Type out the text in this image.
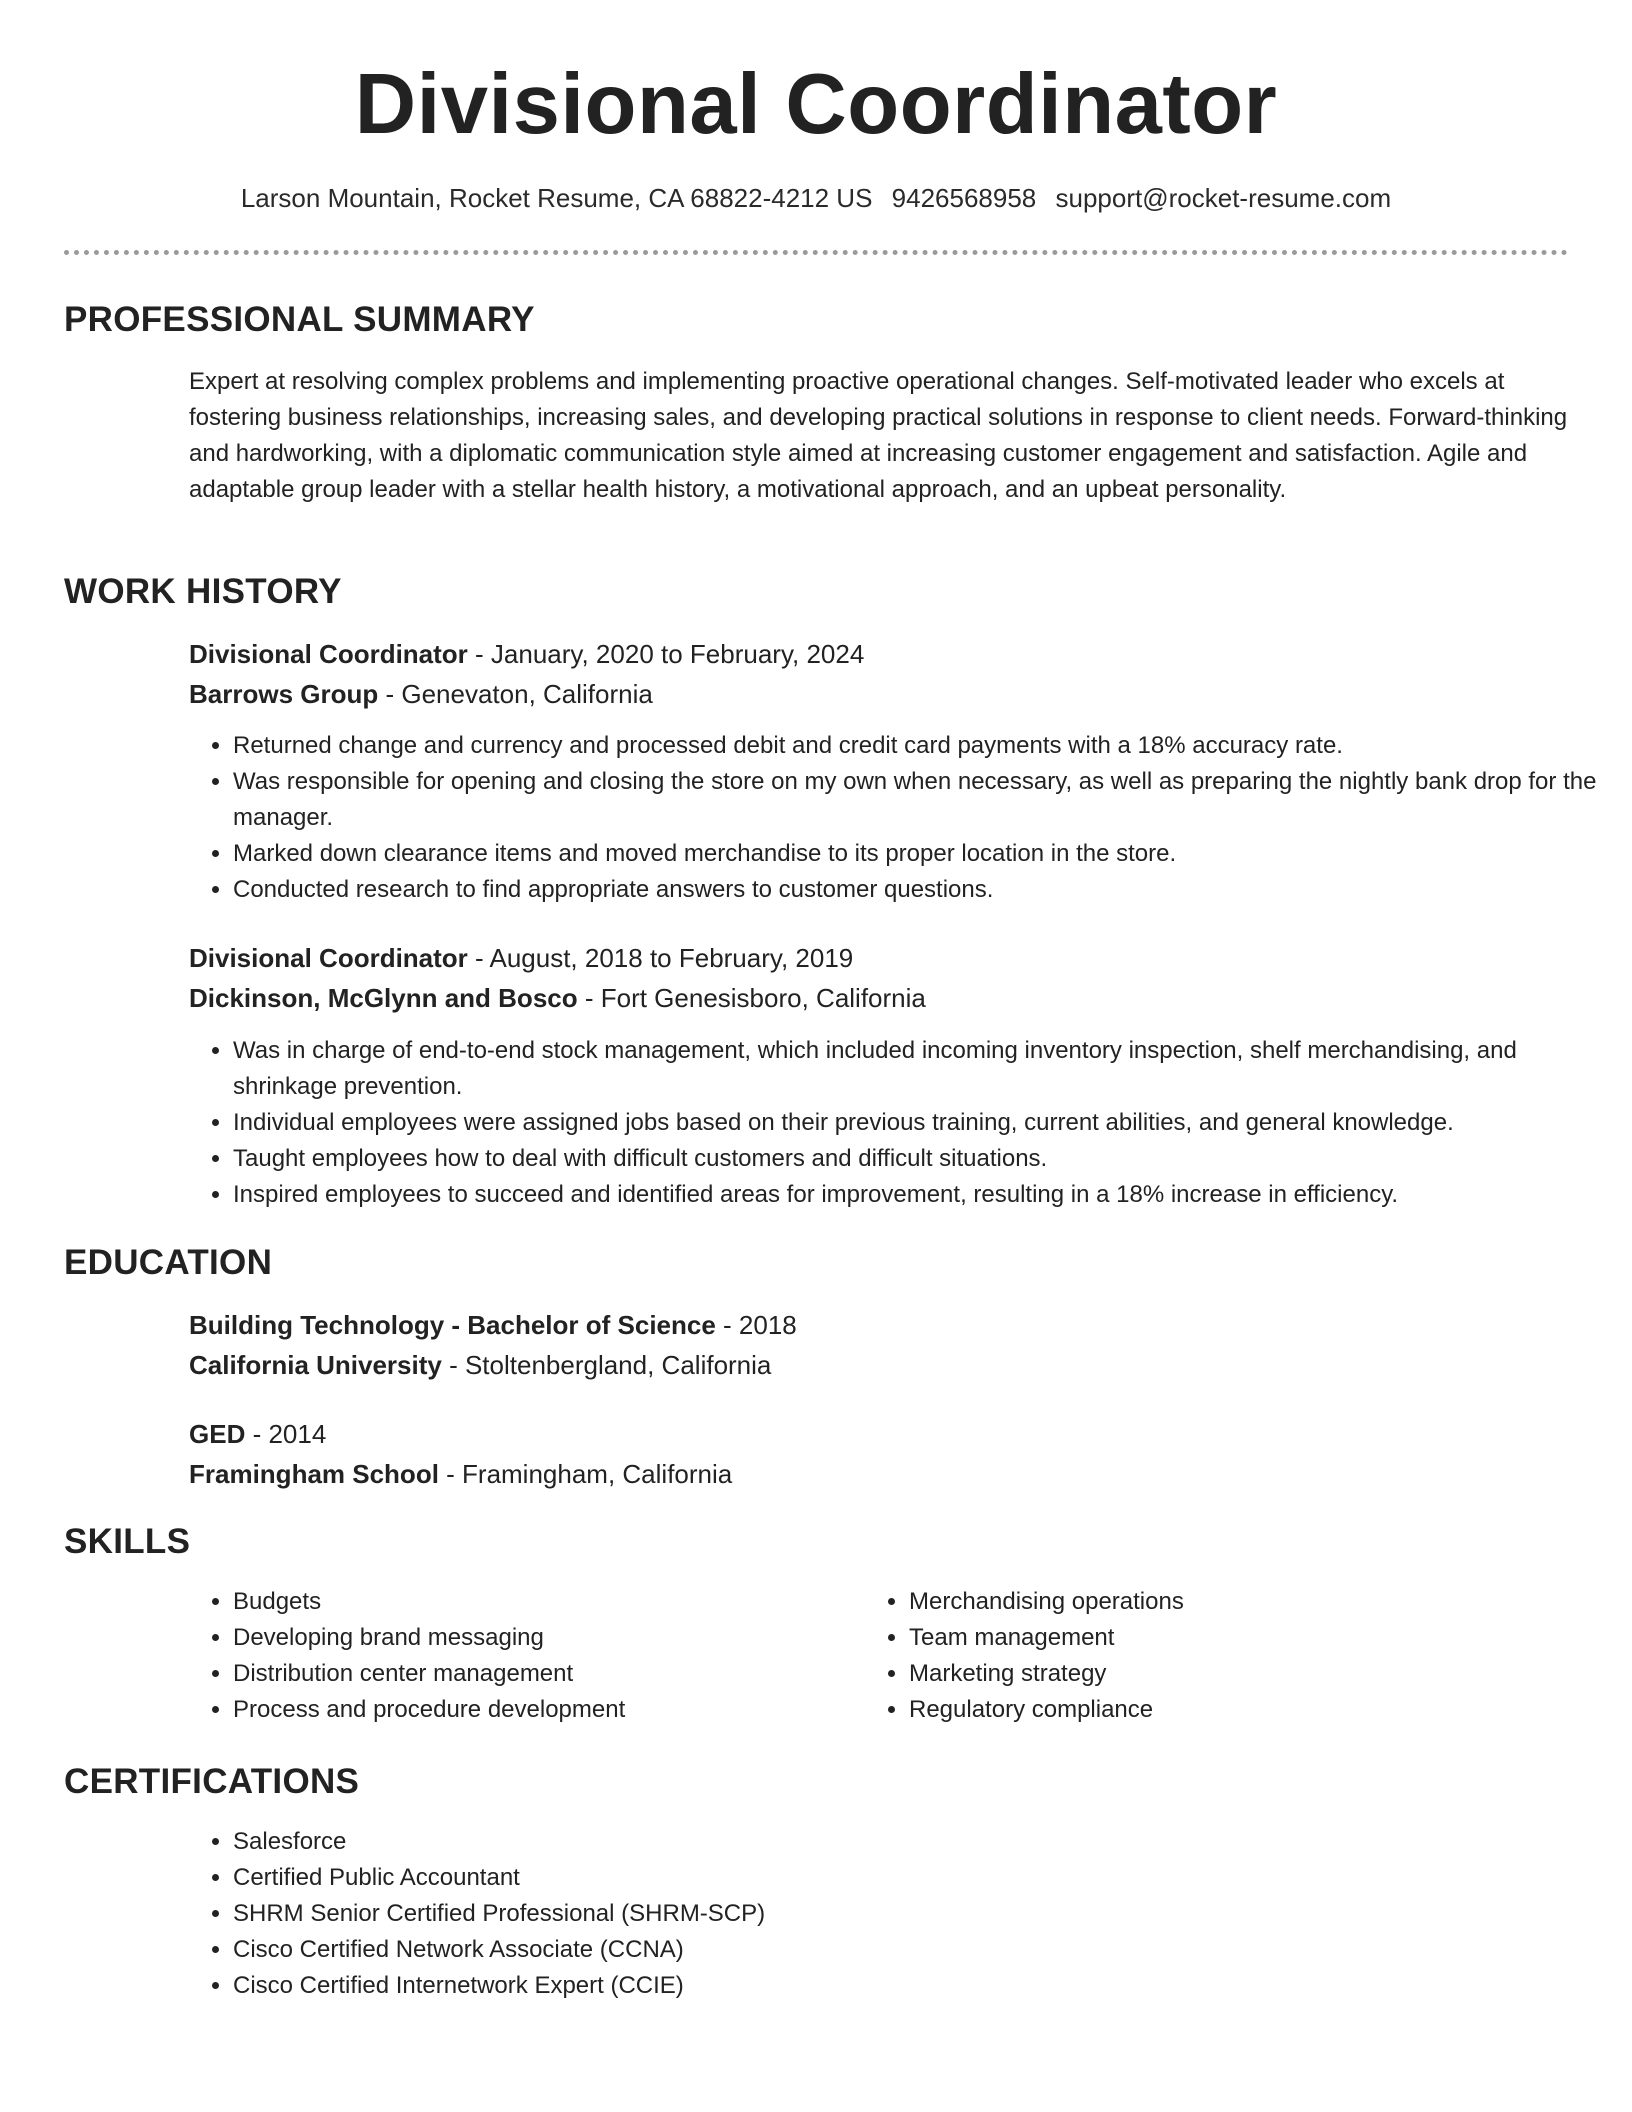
Divisional Coordinator
Larson Mountain, Rocket Resume, CA 68822-4212 US 9426568958 support@rocket-resume.com
PROFESSIONAL SUMMARY
Expert at resolving complex problems and implementing proactive operational changes. Self-motivated leader who excels at fostering business relationships, increasing sales, and developing practical solutions in response to client needs. Forward-thinking and hardworking, with a diplomatic communication style aimed at increasing customer engagement and satisfaction. Agile and adaptable group leader with a stellar health history, a motivational approach, and an upbeat personality.
WORK HISTORY
Divisional Coordinator - January, 2020 to February, 2024
Barrows Group - Genevaton, California
• Returned change and currency and processed debit and credit card payments with a 18% accuracy rate.
• Was responsible for opening and closing the store on my own when necessary, as well as preparing the nightly bank drop for the manager.
• Marked down clearance items and moved merchandise to its proper location in the store.
• Conducted research to find appropriate answers to customer questions.
Divisional Coordinator - August, 2018 to February, 2019
Dickinson, McGlynn and Bosco - Fort Genesisboro, California
• Was in charge of end-to-end stock management, which included incoming inventory inspection, shelf merchandising, and shrinkage prevention.
• Individual employees were assigned jobs based on their previous training, current abilities, and general knowledge.
• Taught employees how to deal with difficult customers and difficult situations.
• Inspired employees to succeed and identified areas for improvement, resulting in a 18% increase in efficiency.
EDUCATION
Building Technology - Bachelor of Science - 2018
California University - Stoltenbergland, California
GED - 2014
Framingham School - Framingham, California
SKILLS
• Budgets
• Developing brand messaging
• Distribution center management
• Process and procedure development
• Merchandising operations
• Team management
• Marketing strategy
• Regulatory compliance
CERTIFICATIONS
• Salesforce
• Certified Public Accountant
• SHRM Senior Certified Professional (SHRM-SCP)
• Cisco Certified Network Associate (CCNA)
• Cisco Certified Internetwork Expert (CCIE)
